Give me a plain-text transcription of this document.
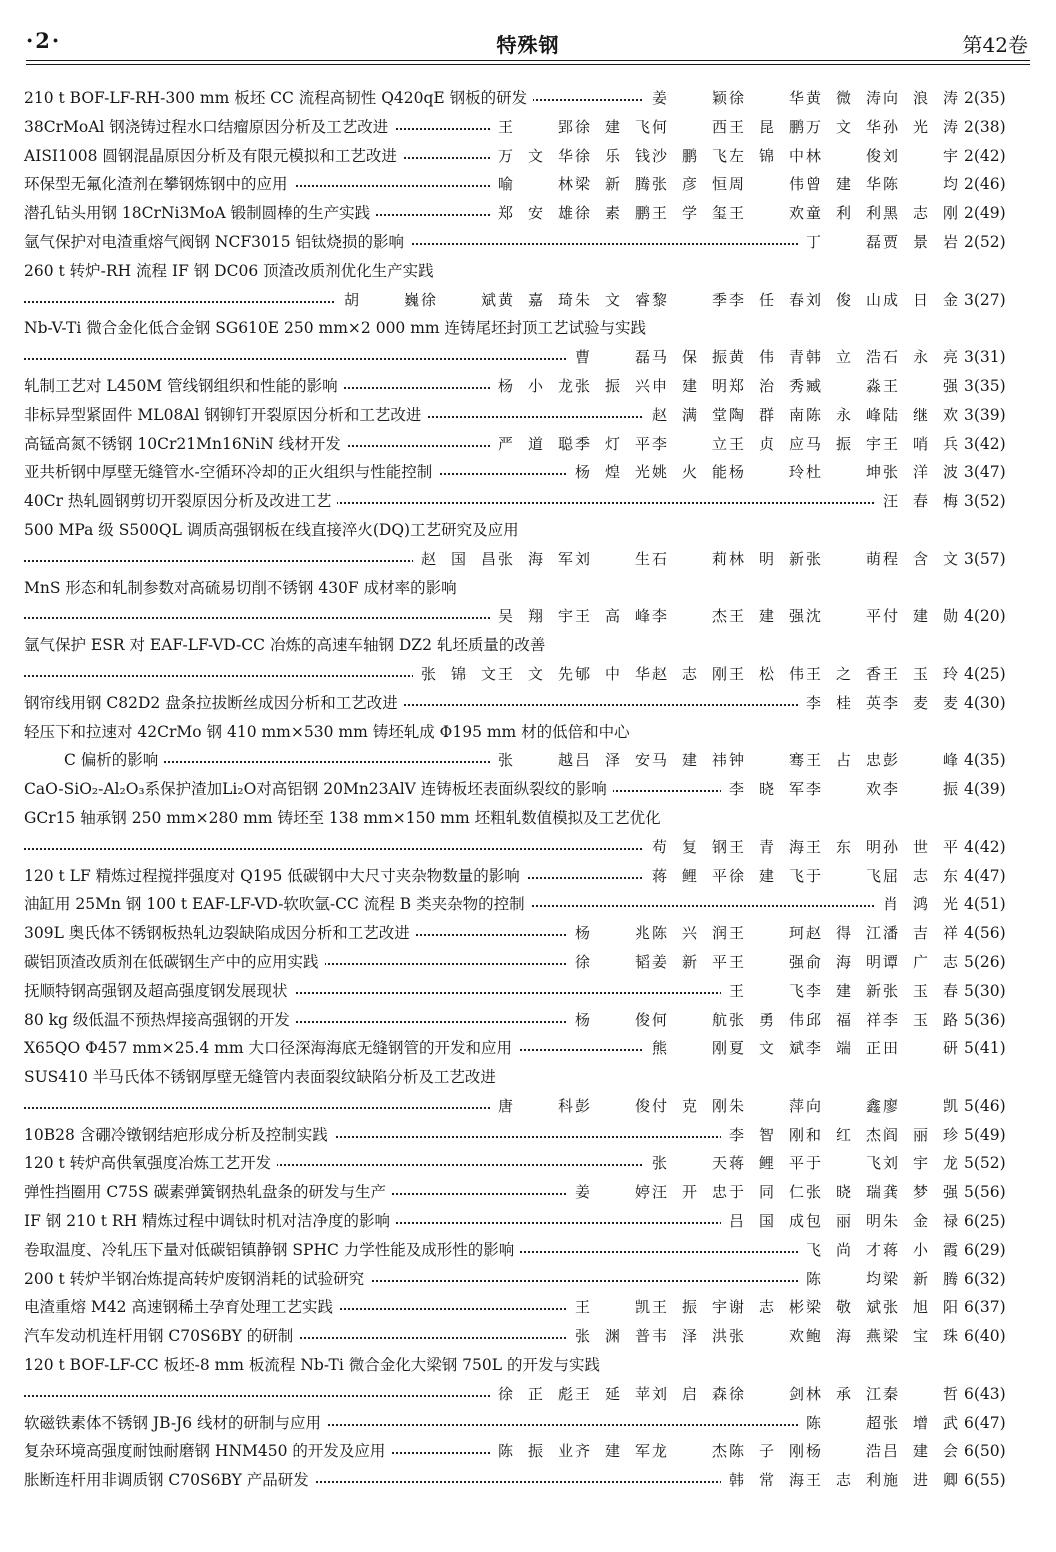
·2·	特殊钢	第42卷
210 t BOF-LF-RH-300 mm 板坯 CC 流程高韧性 Q420qE 钢板的研发	姜颖 徐华 黄微涛 向浪涛 2(35)
38CrMoAl 钢浇铸过程水口结瘤原因分析及工艺改进	王郢 徐建飞 何西 王昆鹏 万文华 孙光涛 2(38)
AISI1008 圆钢混晶原因分析及有限元模拟和工艺改进	万文华 徐乐钱 沙鹏飞 左锦中 林俊 刘宇 2(42)
环保型无氟化渣剂在攀钢炼钢中的应用	喻林 梁新腾 张彦恒 周伟 曾建华 陈均 2(46)
潜孔钻头用钢 18CrNi3MoA 锻制圆棒的生产实践	郑安雄 徐素鹏 王学玺 王欢 童利利 黑志刚 2(49)
氩气保护对电渣重熔气阀钢 NCF3015 铝钛烧损的影响	丁磊 贾景岩 2(52)
260 t 转炉-RH 流程 IF 钢 DC06 顶渣改质剂优化生产实践
胡巍 徐斌 黄嘉琦 朱文睿 黎季 李任春 刘俊山 成日金 3(27)
Nb-V-Ti 微合金化低合金钢 SG610E 250 mm×2 000 mm 连铸尾坯封顶工艺试验与实践
曹磊 马保振 黄伟青 韩立浩 石永亮 3(31)
轧制工艺对 L450M 管线钢组织和性能的影响	杨小龙 张振兴 申建明 郑治秀 臧淼 王强 3(35)
非标异型紧固件 ML08Al 钢铆钉开裂原因分析和工艺改进	赵满堂 陶群南 陈永峰 陆继欢 3(39)
高锰高氮不锈钢 10Cr21Mn16NiN 线材开发	严道聪 季灯平 李立 王贞应 马振宇 王哨兵 3(42)
亚共析钢中厚壁无缝管水-空循环冷却的正火组织与性能控制	杨煌光 姚火能 杨玲 杜坤 张洋波 3(47)
40Cr 热轧圆钢剪切开裂原因分析及改进工艺	汪春梅 3(52)
500 MPa 级 S500QL 调质高强钢板在线直接淬火(DQ)工艺研究及应用
赵国昌 张海军 刘生 石莉 林明新 张萌 程含文 3(57)
MnS 形态和轧制参数对高硫易切削不锈钢 430F 成材率的影响
吴翔宇 王高峰 李杰 王建强 沈平 付建勋 4(20)
氩气保护 ESR 对 EAF-LF-VD-CC 冶炼的高速车轴钢 DZ2 轧坯质量的改善
张锦文 王文先 郇中华 赵志刚 王松伟 王之香 王玉玲 4(25)
钢帘线用钢 C82D2 盘条拉拔断丝成因分析和工艺改进	李桂英 李麦麦 4(30)
轻压下和拉速对 42CrMo 钢 410 mm×530 mm 铸坯轧成 Φ195 mm 材的低倍和中心
C 偏析的影响	张越 吕泽安 马建祎 钟骞 王占忠 彭峰 4(35)
CaO-SiO₂-Al₂O₃系保护渣加Li₂O对高铝钢 20Mn23AlV 连铸板坯表面纵裂纹的影响	李晓军 李欢 李振 4(39)
GCr15 轴承钢 250 mm×280 mm 铸坯至 138 mm×150 mm 坯粗轧数值模拟及工艺优化
苟复钢 王青海 王东明 孙世平 4(42)
120 t LF 精炼过程搅拌强度对 Q195 低碳钢中大尺寸夹杂物数量的影响	蒋鲤平 徐建飞 于飞 屈志东 4(47)
油缸用 25Mn 钢 100 t EAF-LF-VD-软吹氩-CC 流程 B 类夹杂物的控制	肖鸿光 4(51)
309L 奥氏体不锈钢板热轧边裂缺陷成因分析和工艺改进	杨兆 陈兴润 王珂 赵得江 潘吉祥 4(56)
碳铝顶渣改质剂在低碳钢生产中的应用实践	徐韬 姜新平 王强 俞海明 谭广志 5(26)
抚顺特钢高强钢及超高强度钢发展现状	王飞 李建新 张玉春 5(30)
80 kg 级低温不预热焊接高强钢的开发	杨俊 何航 张勇伟 邱福祥 李玉路 5(36)
X65QO Φ457 mm×25.4 mm 大口径深海海底无缝钢管的开发和应用	熊刚 夏文斌 李端正 田研 5(41)
SUS410 半马氏体不锈钢厚壁无缝管内表面裂纹缺陷分析及工艺改进
唐科 彭俊 付克刚 朱萍 向鑫 廖凯 5(46)
10B28 含硼冷镦钢结疤形成分析及控制实践	李智刚 和红杰 阎丽珍 5(49)
120 t 转炉高供氧强度冶炼工艺开发	张天 蒋鲤平 于飞 刘宇龙 5(52)
弹性挡圈用 C75S 碳素弹簧钢热轧盘条的研发与生产	姜婷 汪开忠 于同仁 张晓瑞 龚梦强 5(56)
IF 钢 210 t RH 精炼过程中调钛时机对洁净度的影响	吕国成 包丽明 朱金禄 6(25)
卷取温度、冷轧压下量对低碳铝镇静钢 SPHC 力学性能及成形性的影响	飞尚才 蒋小霞 6(29)
200 t 转炉半钢冶炼提高转炉废钢消耗的试验研究	陈均 梁新腾 6(32)
电渣重熔 M42 高速钢稀土孕育处理工艺实践	王凯 王振宇 谢志彬 梁敬斌 张旭阳 6(37)
汽车发动机连杆用钢 C70S6BY 的研制	张渊普 韦泽洪 张欢 鲍海燕 梁宝珠 6(40)
120 t BOF-LF-CC 板坯-8 mm 板流程 Nb-Ti 微合金化大梁钢 750L 的开发与实践
徐正彪 王延苹 刘启森 徐剑 林承江 秦哲 6(43)
软磁铁素体不锈钢 JB-J6 线材的研制与应用	陈超 张增武 6(47)
复杂环境高强度耐蚀耐磨钢 HNM450 的开发及应用	陈振业 齐建军 龙杰 陈子刚 杨浩 吕建会 6(50)
胀断连杆用非调质钢 C70S6BY 产品研发	韩常海 王志利 施进卿 6(55)
